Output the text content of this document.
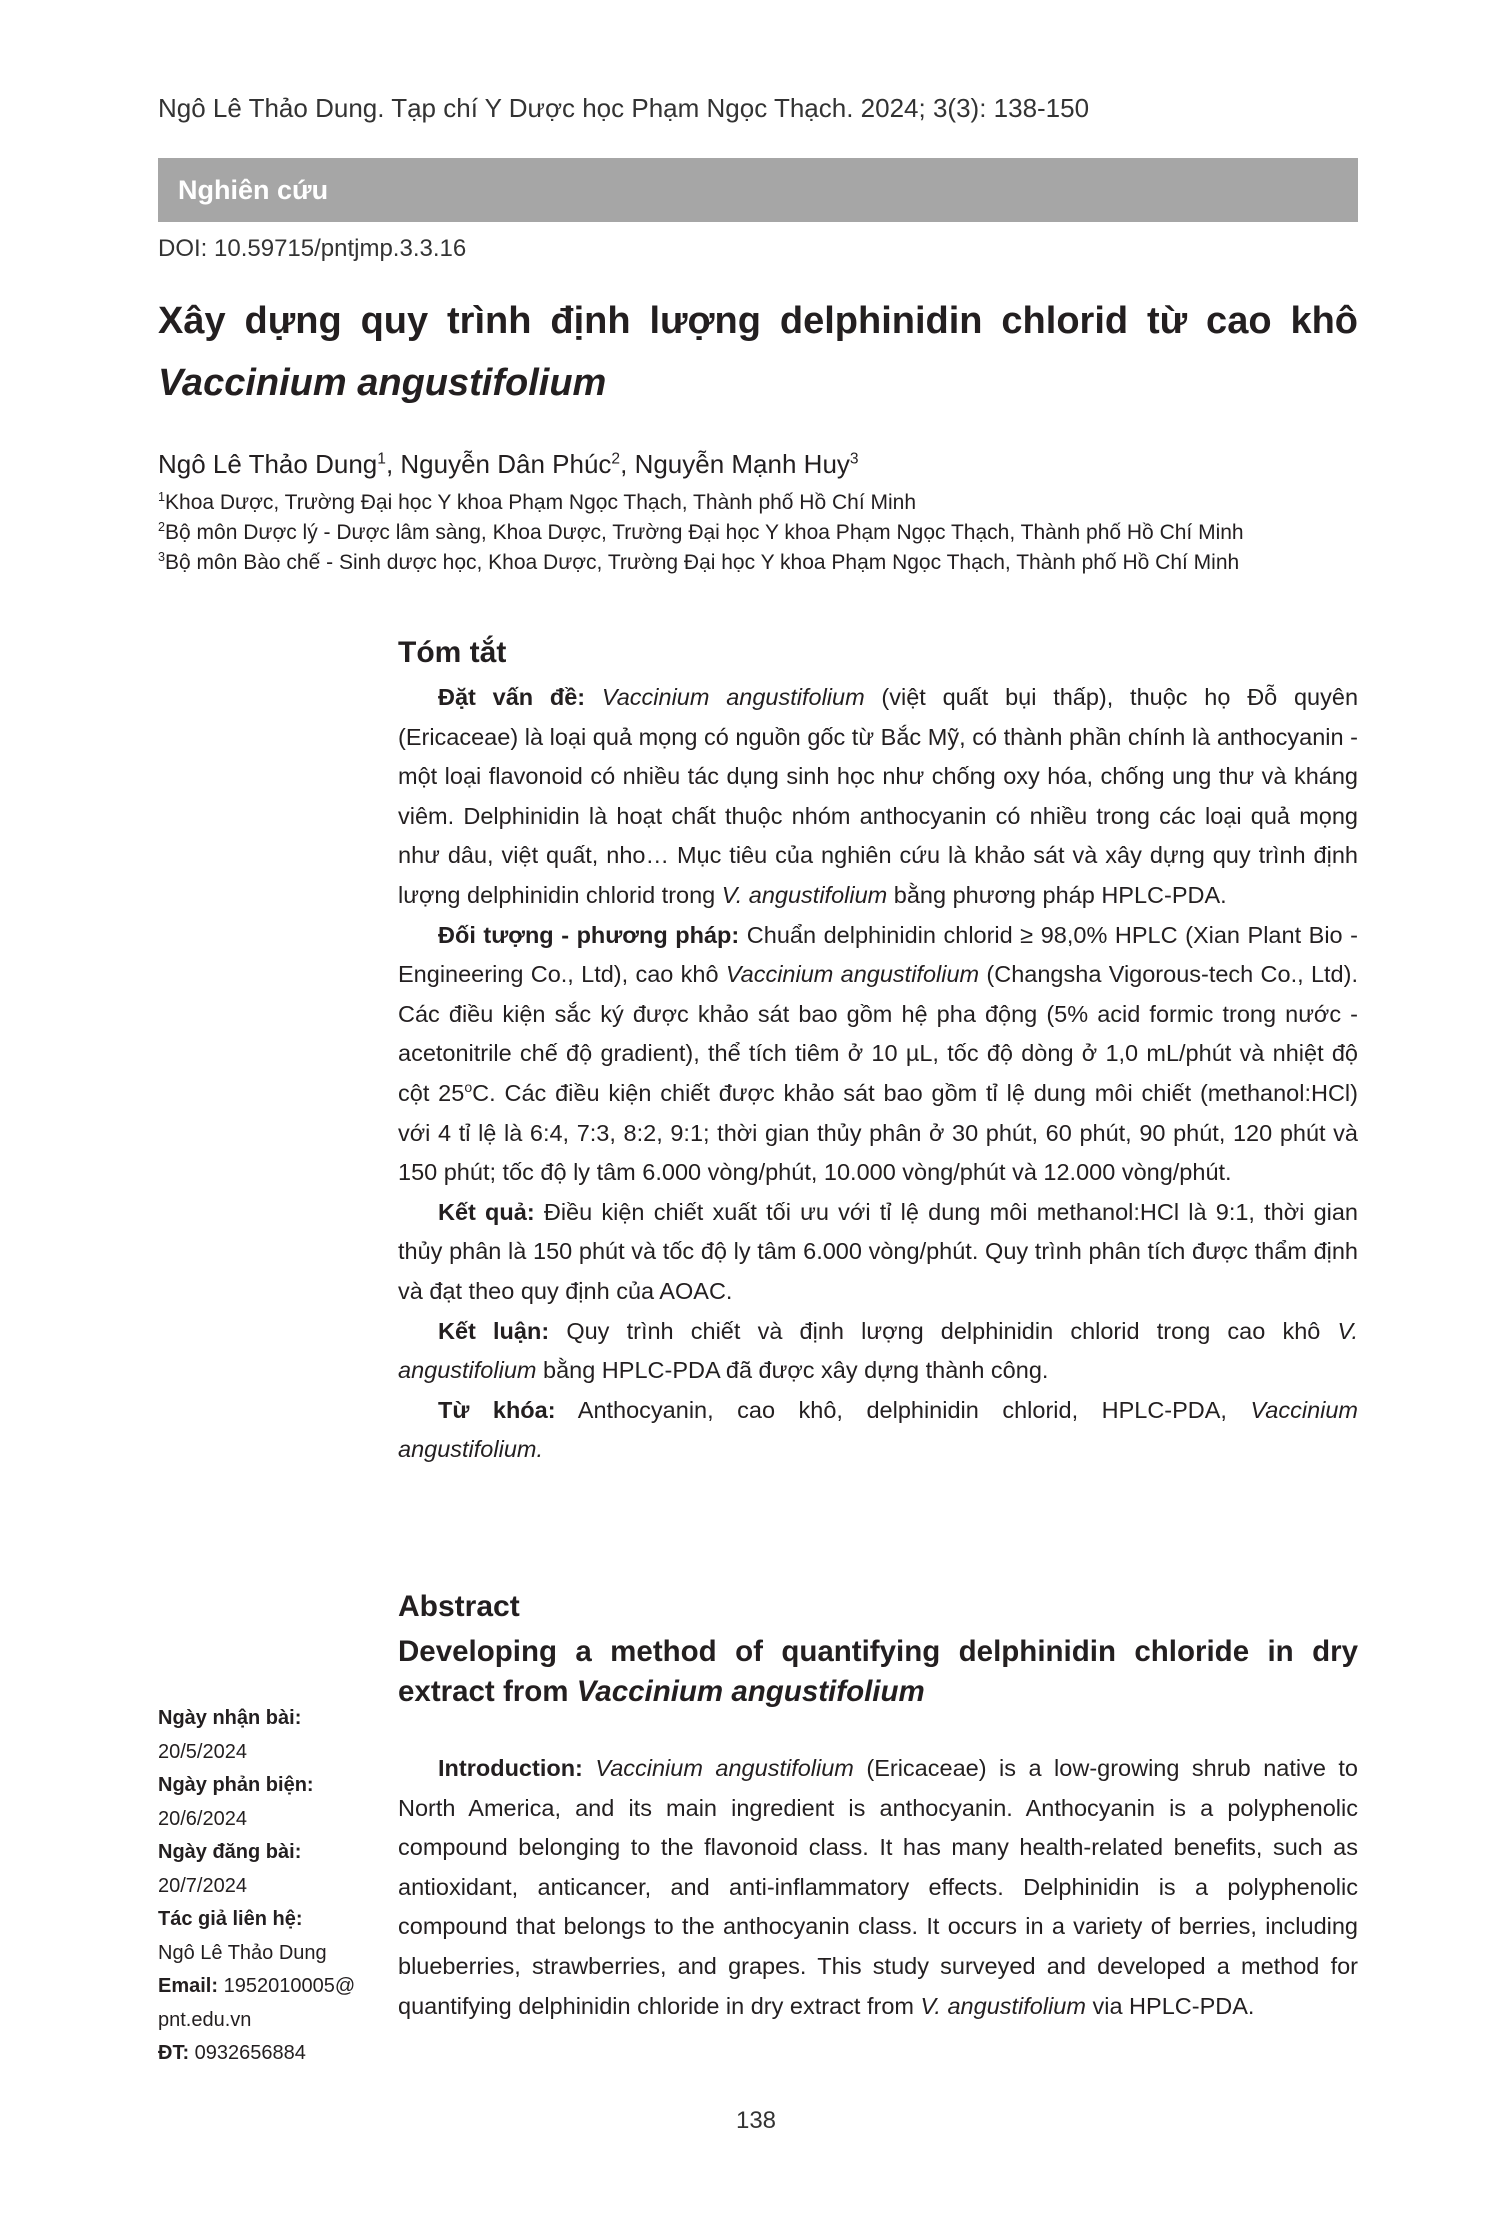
Ngô Lê Thảo Dung. Tạp chí Y Dược học Phạm Ngọc Thạch. 2024; 3(3): 138-150
Nghiên cứu
DOI: 10.59715/pntjmp.3.3.16
Xây dựng quy trình định lượng delphinidin chlorid từ cao khô Vaccinium angustifolium
Ngô Lê Thảo Dung$^1$, Nguyễn Dân Phúc$^2$, Nguyễn Mạnh Huy$^3$
$^1$Khoa Dược, Trường Đại học Y khoa Phạm Ngọc Thạch, Thành phố Hồ Chí Minh
$^2$Bộ môn Dược lý - Dược lâm sàng, Khoa Dược, Trường Đại học Y khoa Phạm Ngọc Thạch, Thành phố Hồ Chí Minh
$^3$Bộ môn Bào chế - Sinh dược học, Khoa Dược, Trường Đại học Y khoa Phạm Ngọc Thạch, Thành phố Hồ Chí Minh
Tóm tắt

Đặt vấn đề: Vaccinium angustifolium (việt quất bụi thấp), thuộc họ Đỗ quyên (Ericaceae) là loại quả mọng có nguồn gốc từ Bắc Mỹ, có thành phần chính là anthocyanin - một loại flavonoid có nhiều tác dụng sinh học như chống oxy hóa, chống ung thư và kháng viêm. Delphinidin là hoạt chất thuộc nhóm anthocyanin có nhiều trong các loại quả mọng như dâu, việt quất, nho… Mục tiêu của nghiên cứu là khảo sát và xây dựng quy trình định lượng delphinidin chlorid trong V. angustifolium bằng phương pháp HPLC-PDA.

Đối tượng - phương pháp: Chuẩn delphinidin chlorid ≥ 98,0% HPLC (Xian Plant Bio - Engineering Co., Ltd), cao khô Vaccinium angustifolium (Changsha Vigorous-tech Co., Ltd). Các điều kiện sắc ký được khảo sát bao gồm hệ pha động (5% acid formic trong nước - acetonitrile chế độ gradient), thể tích tiêm ở 10 µL, tốc độ dòng ở 1,0 mL/phút và nhiệt độ cột 25$^o$C. Các điều kiện chiết được khảo sát bao gồm tỉ lệ dung môi chiết (methanol:HCl) với 4 tỉ lệ là 6:4, 7:3, 8:2, 9:1; thời gian thủy phân ở 30 phút, 60 phút, 90 phút, 120 phút và 150 phút; tốc độ ly tâm 6.000 vòng/phút, 10.000 vòng/phút và 12.000 vòng/phút.

Kết quả: Điều kiện chiết xuất tối ưu với tỉ lệ dung môi methanol:HCl là 9:1, thời gian thủy phân là 150 phút và tốc độ ly tâm 6.000 vòng/phút. Quy trình phân tích được thẩm định và đạt theo quy định của AOAC.

Kết luận: Quy trình chiết và định lượng delphinidin chlorid trong cao khô V. angustifolium bằng HPLC-PDA đã được xây dựng thành công.

Từ khóa: Anthocyanin, cao khô, delphinidin chlorid, HPLC-PDA, Vaccinium angustifolium.

Abstract
Developing a method of quantifying delphinidin chloride in dry extract from Vaccinium angustifolium

Introduction: Vaccinium angustifolium (Ericaceae) is a low-growing shrub native to North America, and its main ingredient is anthocyanin. Anthocyanin is a polyphenolic compound belonging to the flavonoid class. It has many health-related benefits, such as antioxidant, anticancer, and anti-inflammatory effects. Delphinidin is a polyphenolic compound that belongs to the anthocyanin class. It occurs in a variety of berries, including blueberries, strawberries, and grapes. This study surveyed and developed a method for quantifying delphinidin chloride in dry extract from V. angustifolium via HPLC-PDA.

Ngày nhận bài:
20/5/2024
Ngày phản biện:
20/6/2024
Ngày đăng bài:
20/7/2024
Tác giả liên hệ:
Ngô Lê Thảo Dung
Email: 1952010005@
pnt.edu.vn
ĐT: 0932656884
138
